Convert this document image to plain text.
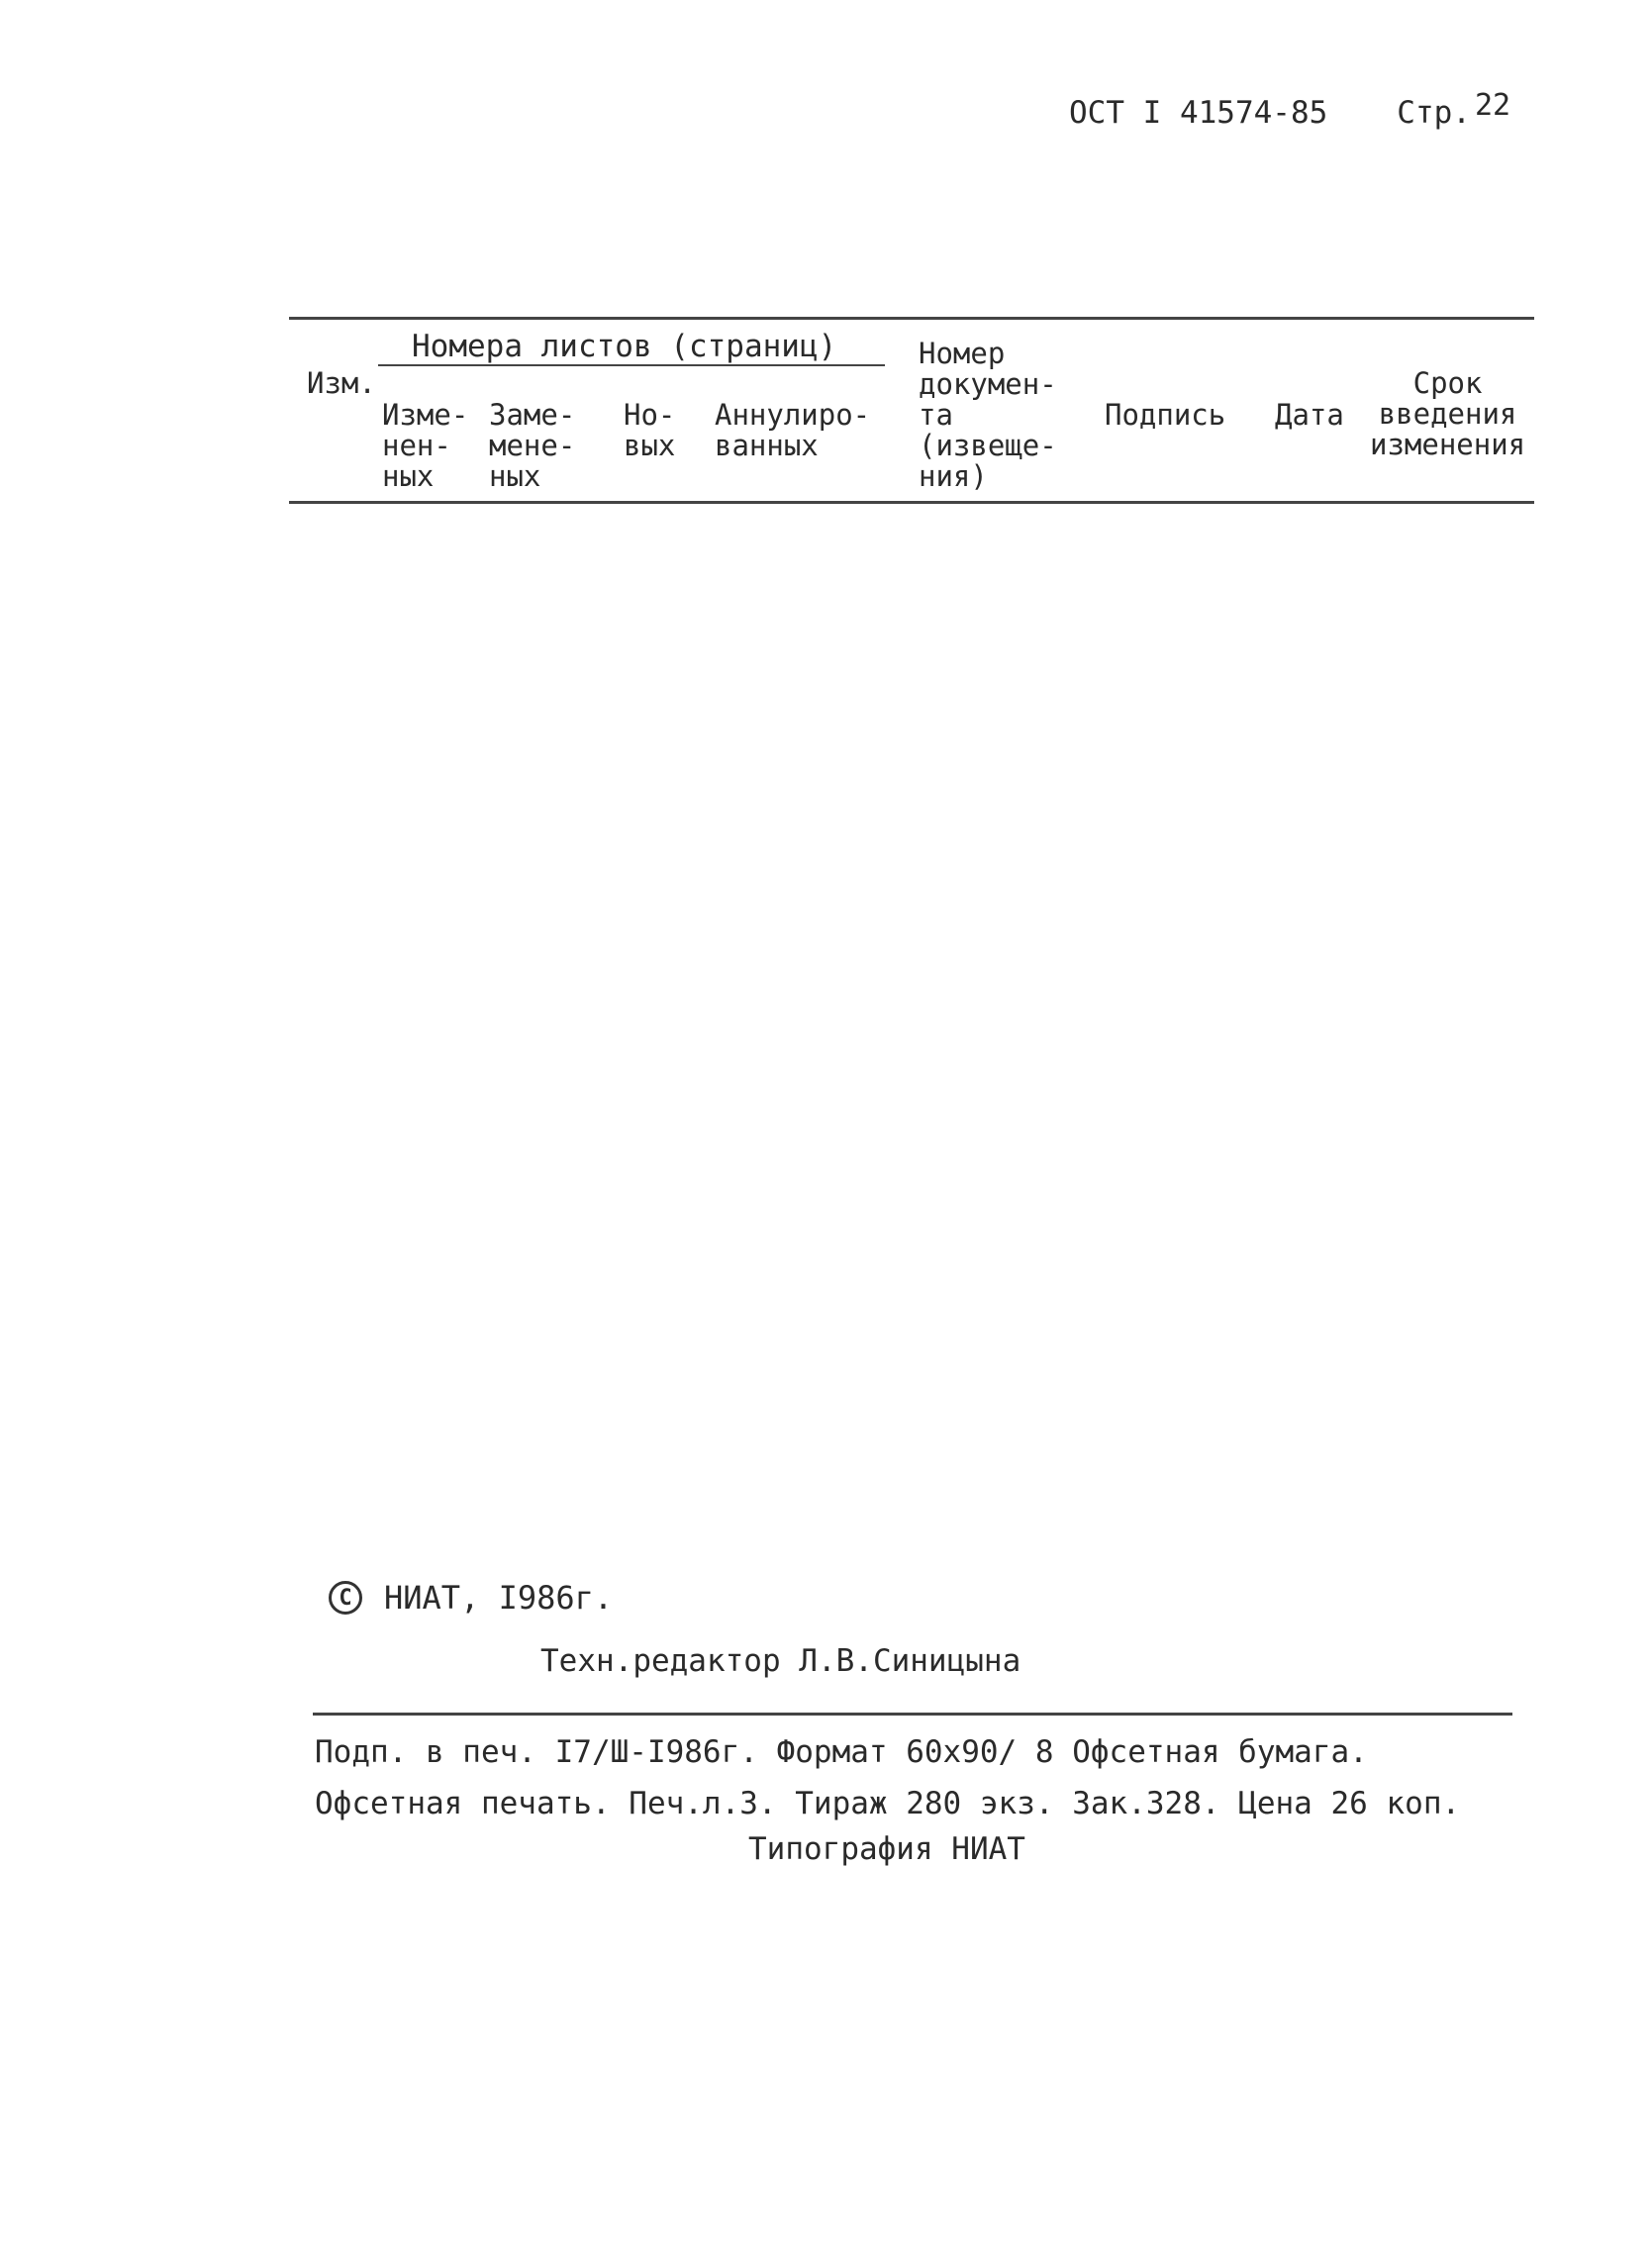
ОСТ I 41574-85 Стр. 22
Номера листов (страниц)
Изм.
Изме-
нен-
ных
Заме-
мене-
ных
Но-
вых
Аннулиро-
ванных
Номер
докумен-
та
(извеще-
ния)
Подпись Дата
Срок
введения
изменения
C	НИАТ, I986г.
Техн.редактор Л.В.Синицына
Подп. в печ. I7/Ш-I986г. Формат 60х90/ 8 Офсетная бумага.
Офсетная печать. Печ.л.3. Тираж 280 экз. Зак.328. Цена 26 коп.
Типография НИАТ
